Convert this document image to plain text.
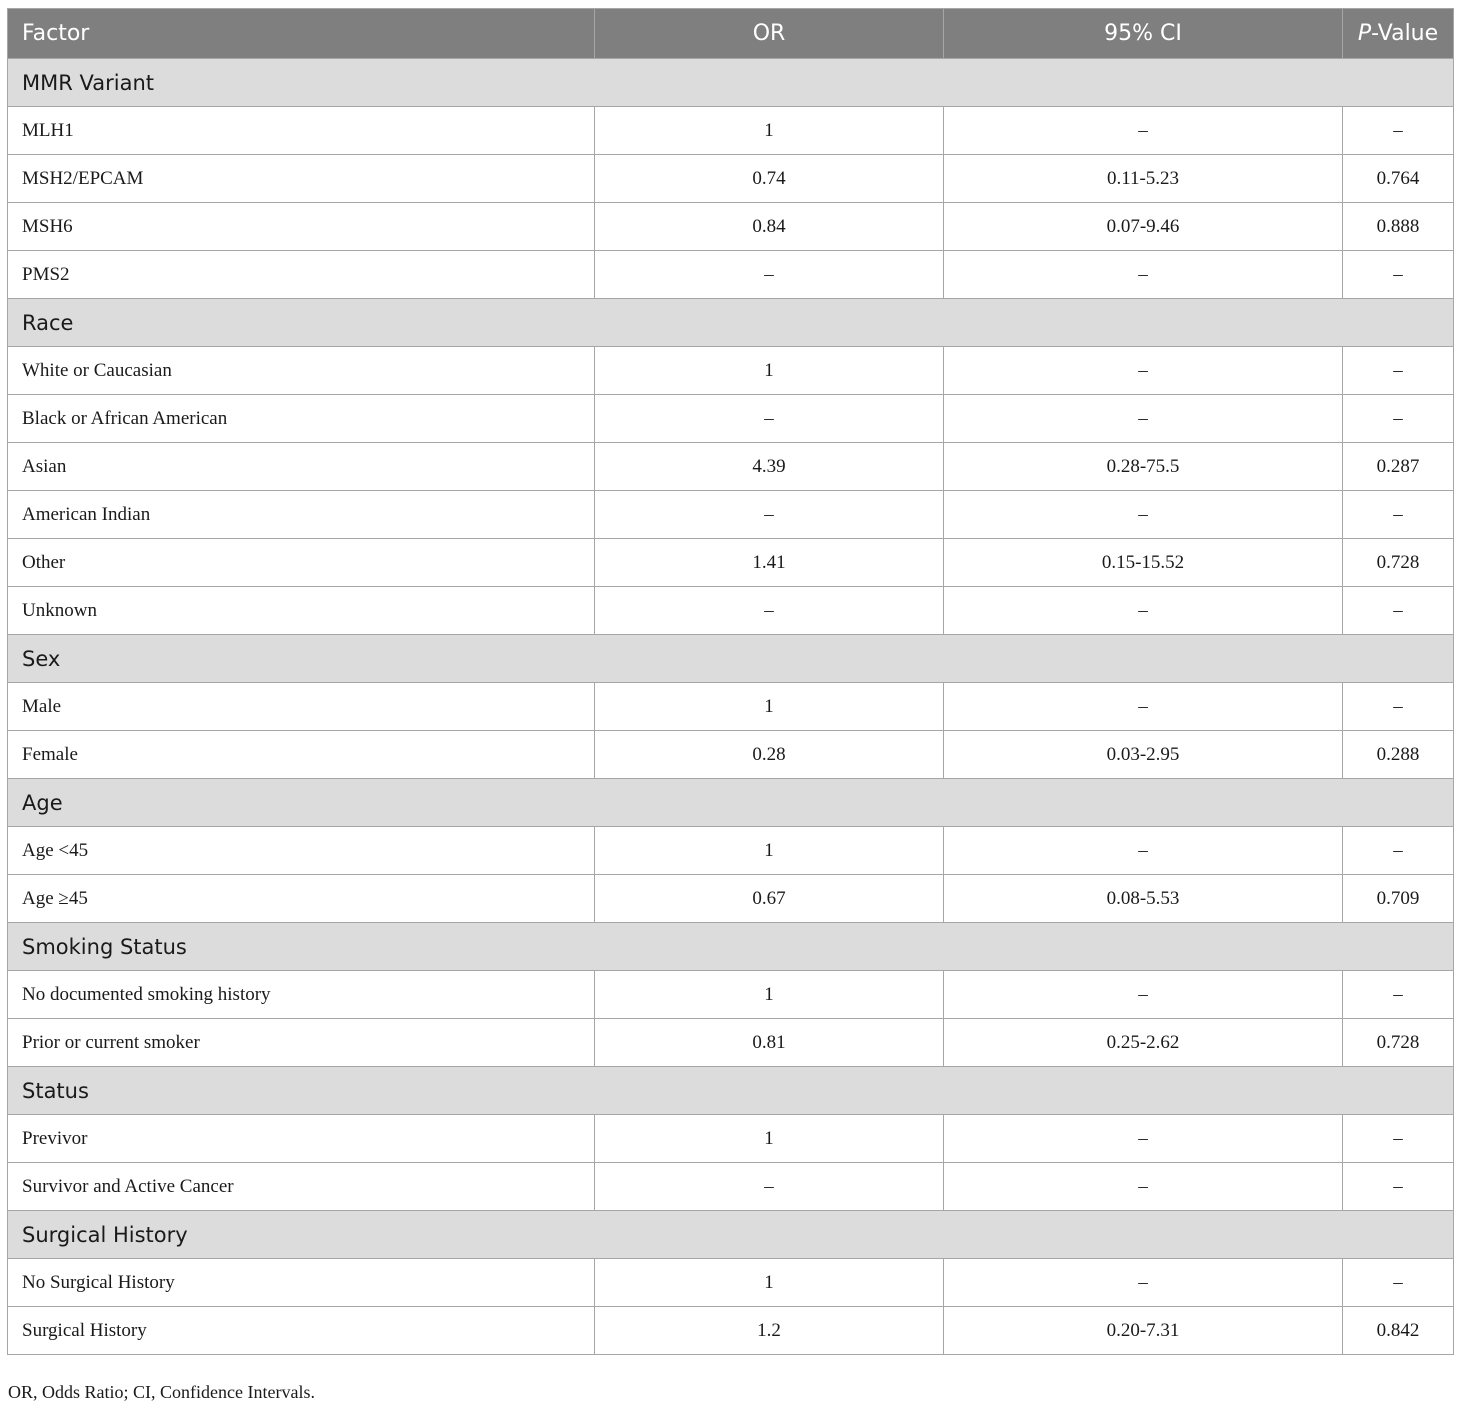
Factor	OR	95% CI	P-Value
MMR Variant			
MLH1	1	–	–
MSH2/EPCAM	0.74	0.11-5.23	0.764
MSH6	0.84	0.07-9.46	0.888
PMS2	–	–	–
Race			
White or Caucasian	1	–	–
Black or African American	–	–	–
Asian	4.39	0.28-75.5	0.287
American Indian	–	–	–
Other	1.41	0.15-15.52	0.728
Unknown	–	–	–
Sex			
Male	1	–	–
Female	0.28	0.03-2.95	0.288
Age			
Age <45	1	–	–
Age ≥45	0.67	0.08-5.53	0.709
Smoking Status			
No documented smoking history	1	–	–
Prior or current smoker	0.81	0.25-2.62	0.728
Status			
Previvor	1	–	–
Survivor and Active Cancer	–	–	–
Surgical History			
No Surgical History	1	–	–
Surgical History	1.2	0.20-7.31	0.842
OR, Odds Ratio; CI, Confidence Intervals.
